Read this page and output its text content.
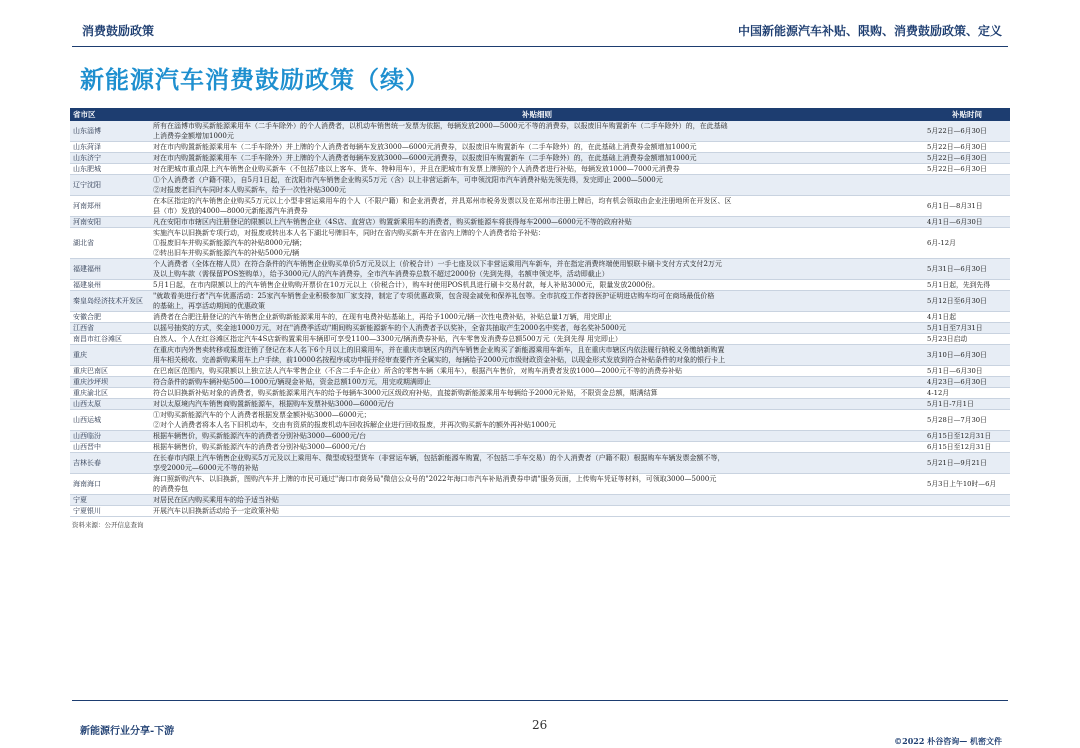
消费鼓励政策	中国新能源汽车补贴、限购、消费鼓励政策、定义
新能源汽车消费鼓励政策（续）
省市区	补贴细则	补贴时间
山东淄博	所有在淄博市购买新能源乘用车（二手车除外）的个人消费者，以机动车销售统一发票为依据，每辆发放2000—5000元不等的消费券，以报废旧车购置新车（二手车除外）的，在此基础
上消费券金额增加1000元	5月22日—6月30日
山东菏泽	对在市内购置新能源乘用车（二手车除外）并上牌的个人消费者每辆车发放3000—6000元消费券，以报废旧车购置新车（二手车除外）的，在此基础上消费券金额增加1000元	5月22日—6月30日
山东济宁	对在市内购置新能源乘用车（二手车除外）并上牌的个人消费者每辆车发放3000—6000元消费券，以报废旧车购置新车（二手车除外）的，在此基础上消费券金额增加1000元	5月22日—6月30日
山东肥城	对在肥城市重点限上汽车销售企业购买新车（不包括7座以上客车、货车、特种用车），并且在肥城市有发票上牌照的个人消费者进行补贴，每辆发放1000—7000元消费券	5月22日—6月30日
辽宁沈阳	①个人消费者（户籍不限），自5月1日起，在沈阳市汽车销售企业购买5万元（含）以上非营运新车，可申领沈阳市汽车消费补贴先领先得，发完即止 2000—5000元
②对报废老旧汽车同时本人购买新车，给予一次性补贴3000元	

河南郑州	在本区指定的汽车销售企业购买5万元以上小型非营运乘用车的个人（不限户籍）和企业消费者，并具郑州市税务发票以及在郑州市注册上牌后，均有机会领取由企业注册地所在开发区、区
县（市）发放的4000—8000元新能源汽车消费券	6月1日—8月31日
河南安阳	凡在安阳市市辖区内注册登记的限额以上汽车销售企业（4S店、直营店）购置新乘用车的消费者，购买新能源车将获得每车2000—6000元不等的政府补贴	4月1日—6月30日
湖北省	实施汽车以旧换新专项行动，对报废或转出本人名下湖北号牌旧车，同时在省内购买新车并在省内上牌的个人消费者给予补贴：
①报废旧车并购买新能源汽车的补贴8000元/辆；
②转出旧车并购买新能源汽车的补贴5000元/辆	6月-12月
福建福州	个人消费者（全体在榕人员）在符合条件的汽车销售企业购买单价5万元及以上（价税合计）一手七座及以下非营运乘用汽车新车，并在指定消费终端使用银联卡刷卡支付方式支付2万元
及以上购车款（需保留POS签购单），给予3000元/人的汽车消费券，全市汽车消费券总数不超过2000份（先到先得，名额申领完毕，活动即截止）	5月31日—6月30日
福建泉州	5月1日起，在市内限额以上的汽车销售企业购购开票价在10万元以上（价税合计），购车时使用POS机具进行刷卡交易付款，每人补贴3000元，限量发放2000份。	5月1日起，先到先得
秦皇岛经济技术开发区	"就敢看美进行者"汽车优惠活动：25家汽车销售企业积极参加厂家支持，制定了专项优惠政策，包含现金减免和保养礼包等。全市抗疫工作者持医护证明进店购车均可在商场最低价格
的基础上，再享活动期间的优惠政策	5月12日至6月30日
安徽合肥	消费者在合肥注册登记的汽车销售企业新购新能源乘用车的，在现有电费补贴基础上，再给予1000元/辆一次性电费补贴，补贴总量1万辆，用完即止	4月1日起
江西省	以摇号抽奖的方式，奖金池1000万元，对在"消费季活动"期间购买新能源新车的个人消费者予以奖补，全省共抽取产生2000名中奖者，每名奖补5000元	5月1日至7月31日
南昌市红谷滩区	自然人、个人在红谷滩区指定汽车4S店新购置乘用车辆即可享受1100—3300元/辆消费券补贴，汽车零售发消费券总额500万元（先到先得 用完即止）	5月23日启动
重庆	在重庆市内外售卖转移或报废注销了登记在本人名下6个月以上的旧乘用车，并在重庆市辖区内的汽车销售企业购买了新能源乘用车新车，且在重庆市辖区内依法履行纳税义务缴纳新购置
用车相关税收、完善新购乘用车上户手续，前10000名按程序成功申报并经审查要件齐全属实的，每辆给予2000元市级财政资金补贴，以现金形式发放到符合补贴条件的对象的银行卡上	3月10日—6月30日
重庆巴南区	在巴南区范围内，购买限额以上独立法人汽车零售企业（不含二手车企业）所含的零售车辆（乘用车），根据汽车售价，对购车消费者发放1000—2000元不等的消费券补贴	5月1日—6月30日
重庆沙坪坝	符合条件的新购车辆补贴500—1000元/辆现金补贴，资金总额100万元，用完或期满即止	4月23日—6月30日
重庆渝北区	符合以旧换新补贴对象的消费者，购买新能源乘用汽车的给予每辆车3000元区级政府补贴，直接新购新能源乘用车每辆给予2000元补贴，不限资金总额，期满结算	4-12月
山西太原	对以太原境内汽车销售商购置新能源车，根据购车发票补贴3000—6000元/台	5月1日-7月1日
山西运城	①对购买新能源汽车的个人消费者根据发票金额补贴3000—6000元；
②对个人消费者将本人名下旧机动车，交由有资质的报废机动车回收拆解企业进行回收报废，并再次购买新车的额外再补贴1000元	5月28日—7月30日
山西临汾	根据车辆售价，购买新能源汽车的消费者分别补贴3000—6000元/台	6月15日至12月31日
山西晋中	根据车辆售价，购买新能源汽车的消费者分别补贴3000—6000元/台	6月15日至12月31日
吉林长春	在长春市内限上汽车销售企业购买5万元及以上乘用车、微型或轻型货车（非营运车辆，包括新能源车购置，不包括二手车交易）的个人消费者（户籍不限）根据购车车辆发票金额不等，
享受2000元—6000元不等的补贴	5月21日—9月21日
海南海口	海口照新购汽车、以旧换新，图购汽车并上牌的市民可通过"海口市商务局"微信公众号的"2022年海口市汽车补贴消费券申请"服务页面，上传购车凭证等材料，可领取3000—5000元
的消费券包	5月3日上午10时—6月
宁夏	对居民在区内购买乘用车的给予适当补贴	

宁夏银川	开展汽车以旧换新活动给予一定政策补贴	

资料来源：公开信息查询
新能源行业分享-下游	26
©2022 朴谷咨询— 机密文件
